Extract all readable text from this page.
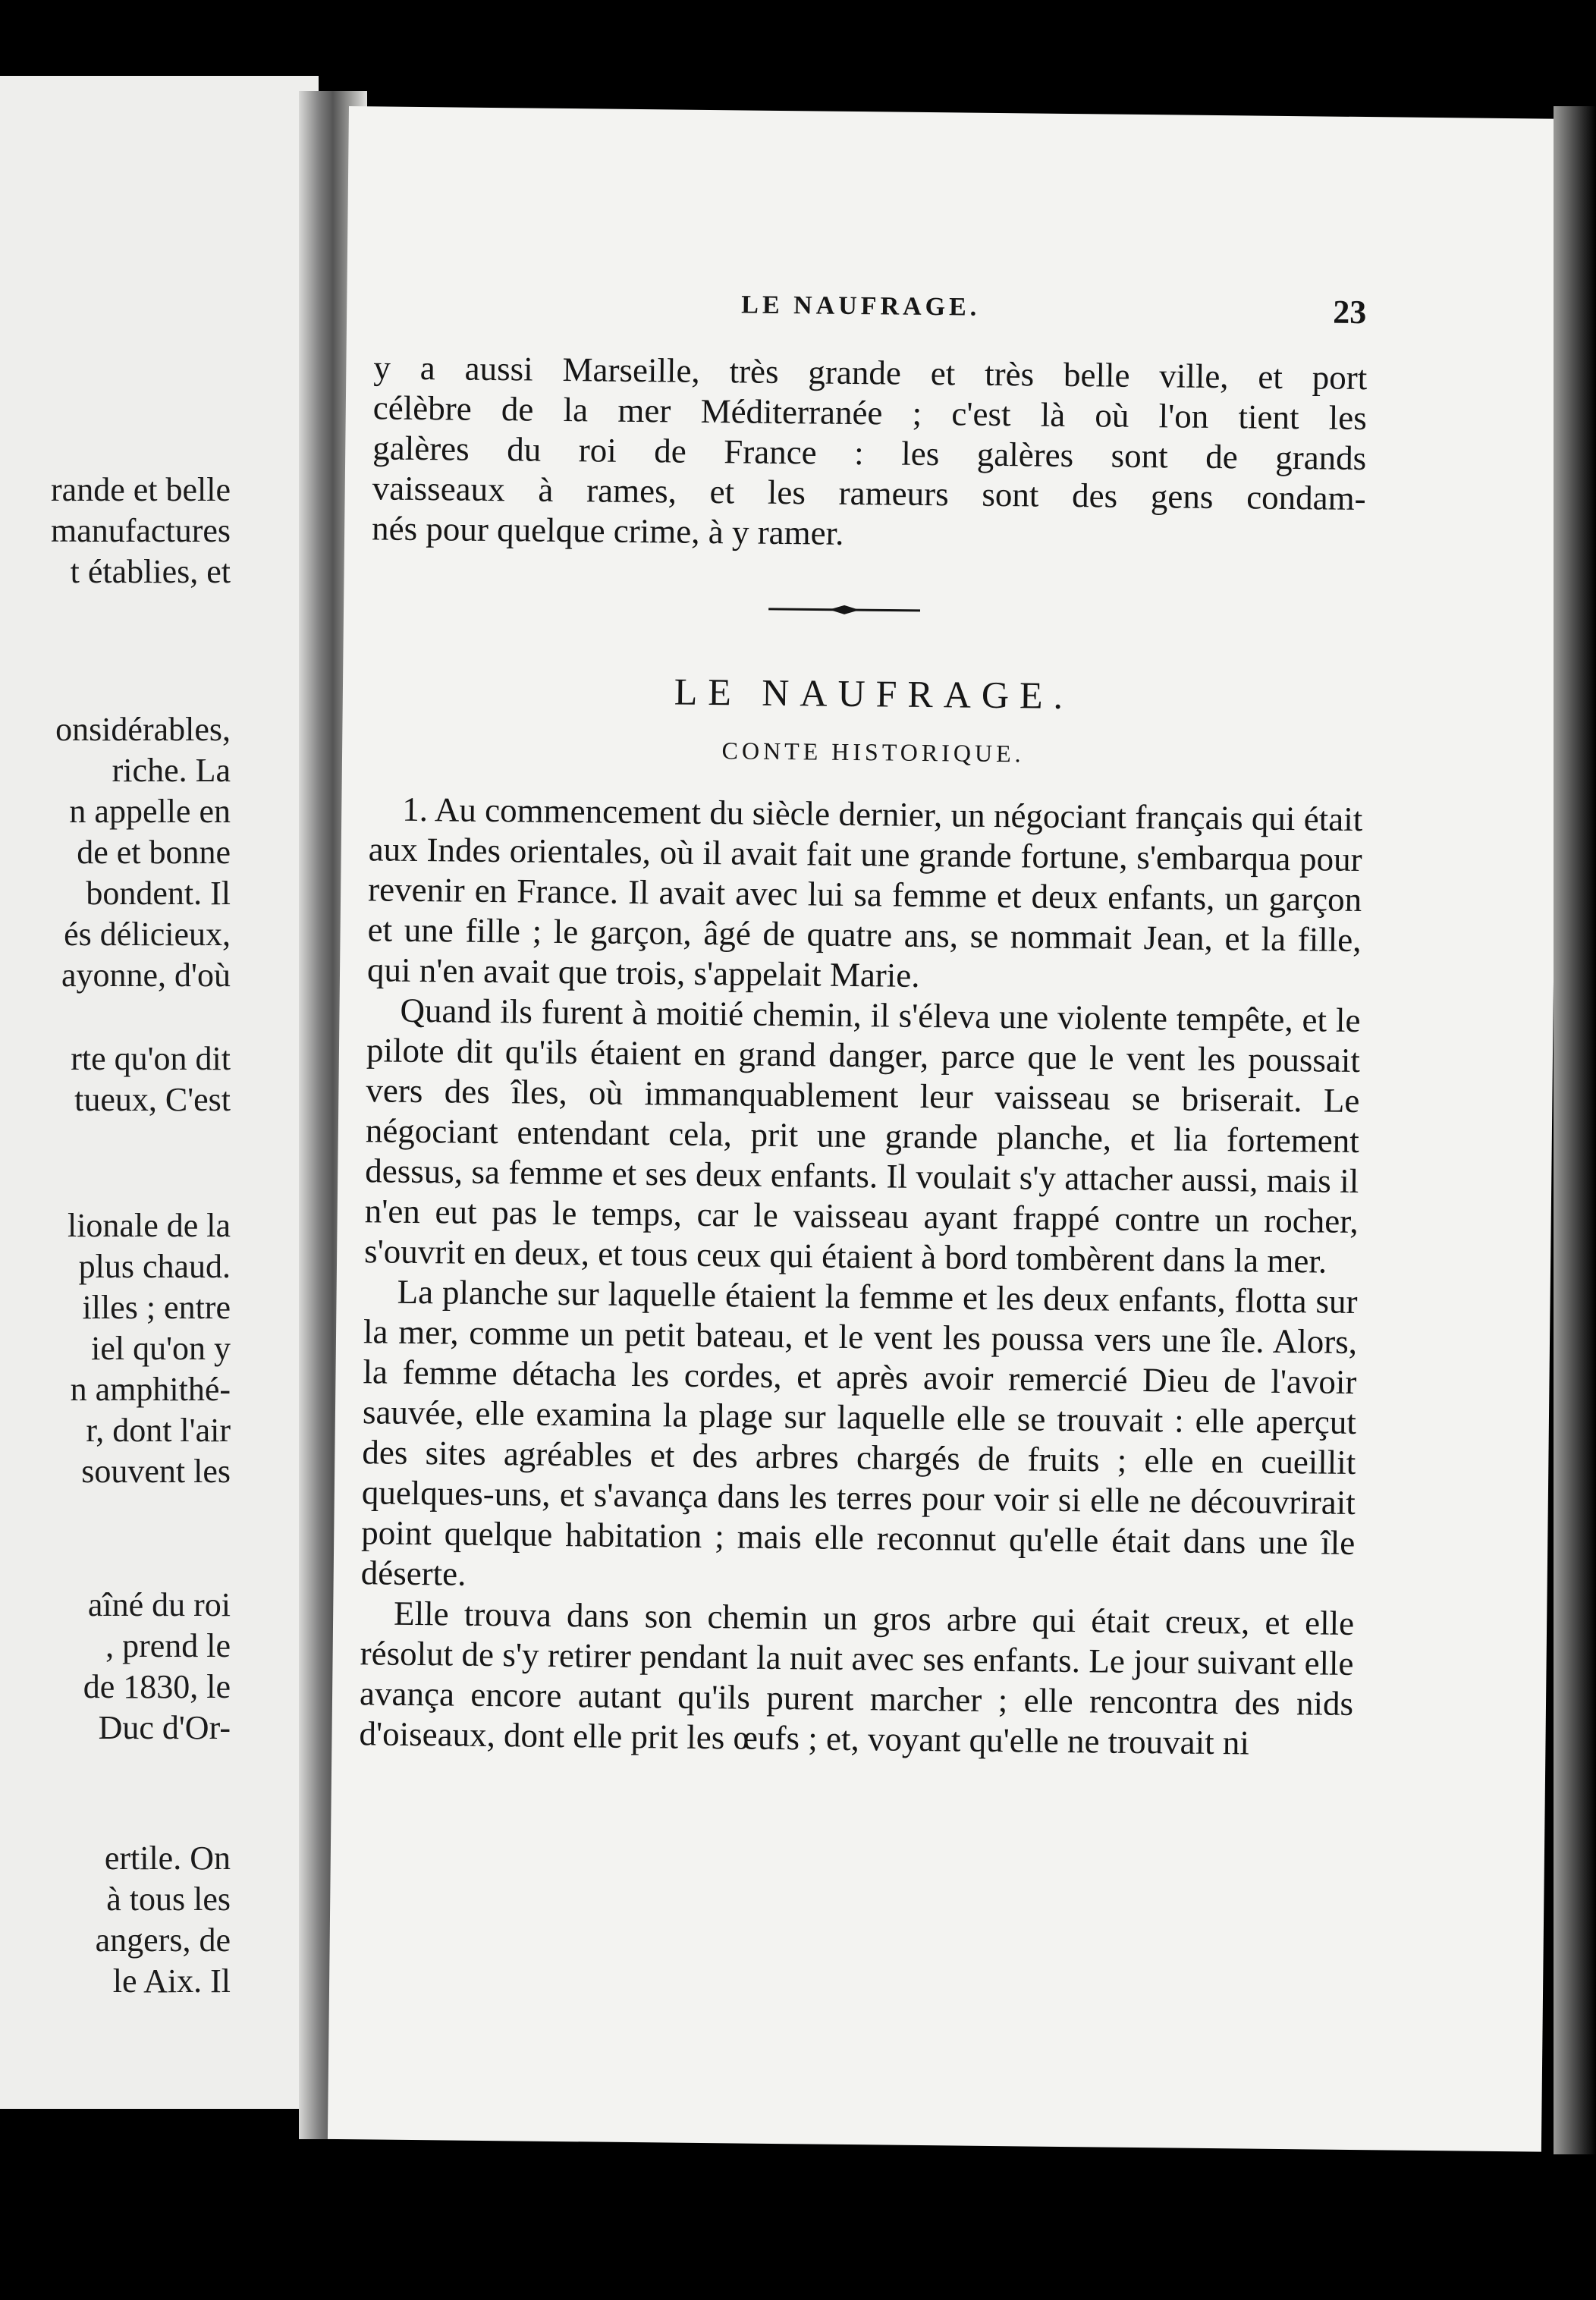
rande et belle
manufactures
t établies, et
onsidérables,
riche. La
n appelle en
de et bonne
bondent. Il
és délicieux,
ayonne, d'où
rte qu'on dit
tueux, C'est
lionale de la
plus chaud.
illes ; entre
iel qu'on y
n amphithé-
r, dont l'air
souvent les
aîné du roi
, prend le
de 1830, le
Duc d'Or-
ertile. On
à tous les
angers, de
le Aix. Il
LE NAUFRAGE.	23
y a aussi Marseille, très grande et très belle ville, et port
célèbre de la mer Méditerranée ; c'est là où l'on tient les
galères du roi de France : les galères sont de grands
vaisseaux à rames, et les rameurs sont des gens condam-
nés pour quelque crime, à y ramer.
LE NAUFRAGE.
CONTE HISTORIQUE.

1. Au commencement du siècle dernier, un négociant français qui était aux Indes orientales, où il avait fait une grande fortune, s'embarqua pour revenir en France. Il avait avec lui sa femme et deux enfants, un garçon et une fille ; le garçon, âgé de quatre ans, se nommait Jean, et la fille, qui n'en avait que trois, s'appelait Marie.

Quand ils furent à moitié chemin, il s'éleva une violente tempête, et le pilote dit qu'ils étaient en grand danger, parce que le vent les poussait vers des îles, où immanquablement leur vaisseau se briserait. Le négociant entendant cela, prit une grande planche, et lia fortement dessus, sa femme et ses deux enfants. Il voulait s'y attacher aussi, mais il n'en eut pas le temps, car le vaisseau ayant frappé contre un rocher, s'ouvrit en deux, et tous ceux qui étaient à bord tombèrent dans la mer.

La planche sur laquelle étaient la femme et les deux enfants, flotta sur la mer, comme un petit bateau, et le vent les poussa vers une île. Alors, la femme détacha les cordes, et après avoir remercié Dieu de l'avoir sauvée, elle examina la plage sur laquelle elle se trouvait : elle aperçut des sites agréables et des arbres chargés de fruits ; elle en cueillit quelques-uns, et s'avança dans les terres pour voir si elle ne découvrirait point quelque habitation ; mais elle reconnut qu'elle était dans une île déserte.

Elle trouva dans son chemin un gros arbre qui était creux, et elle résolut de s'y retirer pendant la nuit avec ses enfants. Le jour suivant elle avança encore autant qu'ils purent marcher ; elle rencontra des nids d'oiseaux, dont elle prit les œufs ; et, voyant qu'elle ne trouvait ni
